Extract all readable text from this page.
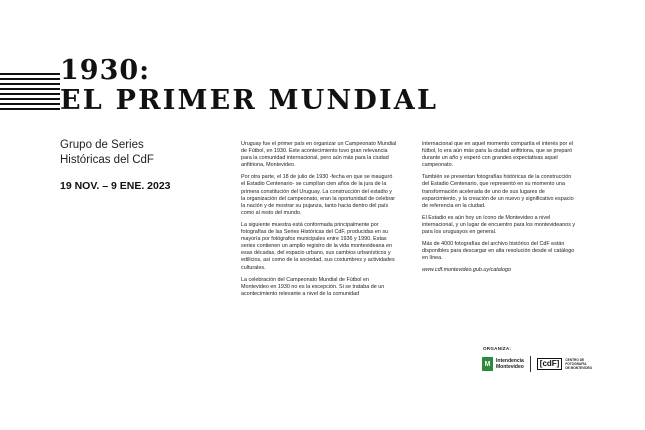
1930:
EL PRIMER MUNDIAL
Grupo de Series
Históricas del CdF
19 NOV. – 9 ENE. 2023

Uruguay fue el primer país en organizar un Campeonato Mundial de Fútbol, en 1930. Este acontecimiento tuvo gran relevancia para la comunidad internacional, pero aún más para la ciudad anfitriona, Montevideo.

Por otra parte, el 18 de julio de 1930 -fecha en que se inauguró el Estadio Centenario- se cumplían cien años de la jura de la primera constitución del Uruguay. La construcción del estadio y la organización del campeonato, eran la oportunidad de celebrar la nación y de mostrar su pujanza, tanto hacia dentro del país como al resto del mundo.

La siguiente muestra está conformada principalmente por fotografías de las Series Históricas del CdF, producidas en su mayoría por fotógrafos municipales entre 1936 y 1990. Estas series contienen un amplio registro de la vida montevideana en esas décadas, del espacio urbano, sus cambios urbanísticos y edilicios, así como de la sociedad, sus costumbres y actividades culturales.

La celebración del Campeonato Mundial de Fútbol en Montevideo en 1930 no es la excepción. Si se trataba de un acontecimiento relevante a nivel de la comunidad

internacional que en aquel momento compartía el interés por el fútbol, lo era aún más para la ciudad anfitriona, que se preparó durante un año y esperó con grandes expectativas aquel campeonato.

También se presentan fotografías históricas de la construcción del Estadio Centenario, que representó en su momento una transformación acelerada de uno de sus lugares de esparcimiento, y la creación de un nuevo y significativo espacio de referencia en la ciudad.

El Estadio es aún hoy un ícono de Montevideo a nivel internacional, y un lugar de encuentro para los montevideanos y para los uruguayos en general.

Más de 4000 fotografías del archivo histórico del CdF están disponibles para descargar en alta resolución desde el catálogo en línea.

www.cdf.montevideo.gub.uy/catalogo

ORGANIZA:
M	Intendencia
Montevideo	[cdF]	CENTRO DE
FOTOGRAFÍA
DE MONTEVIDEO
